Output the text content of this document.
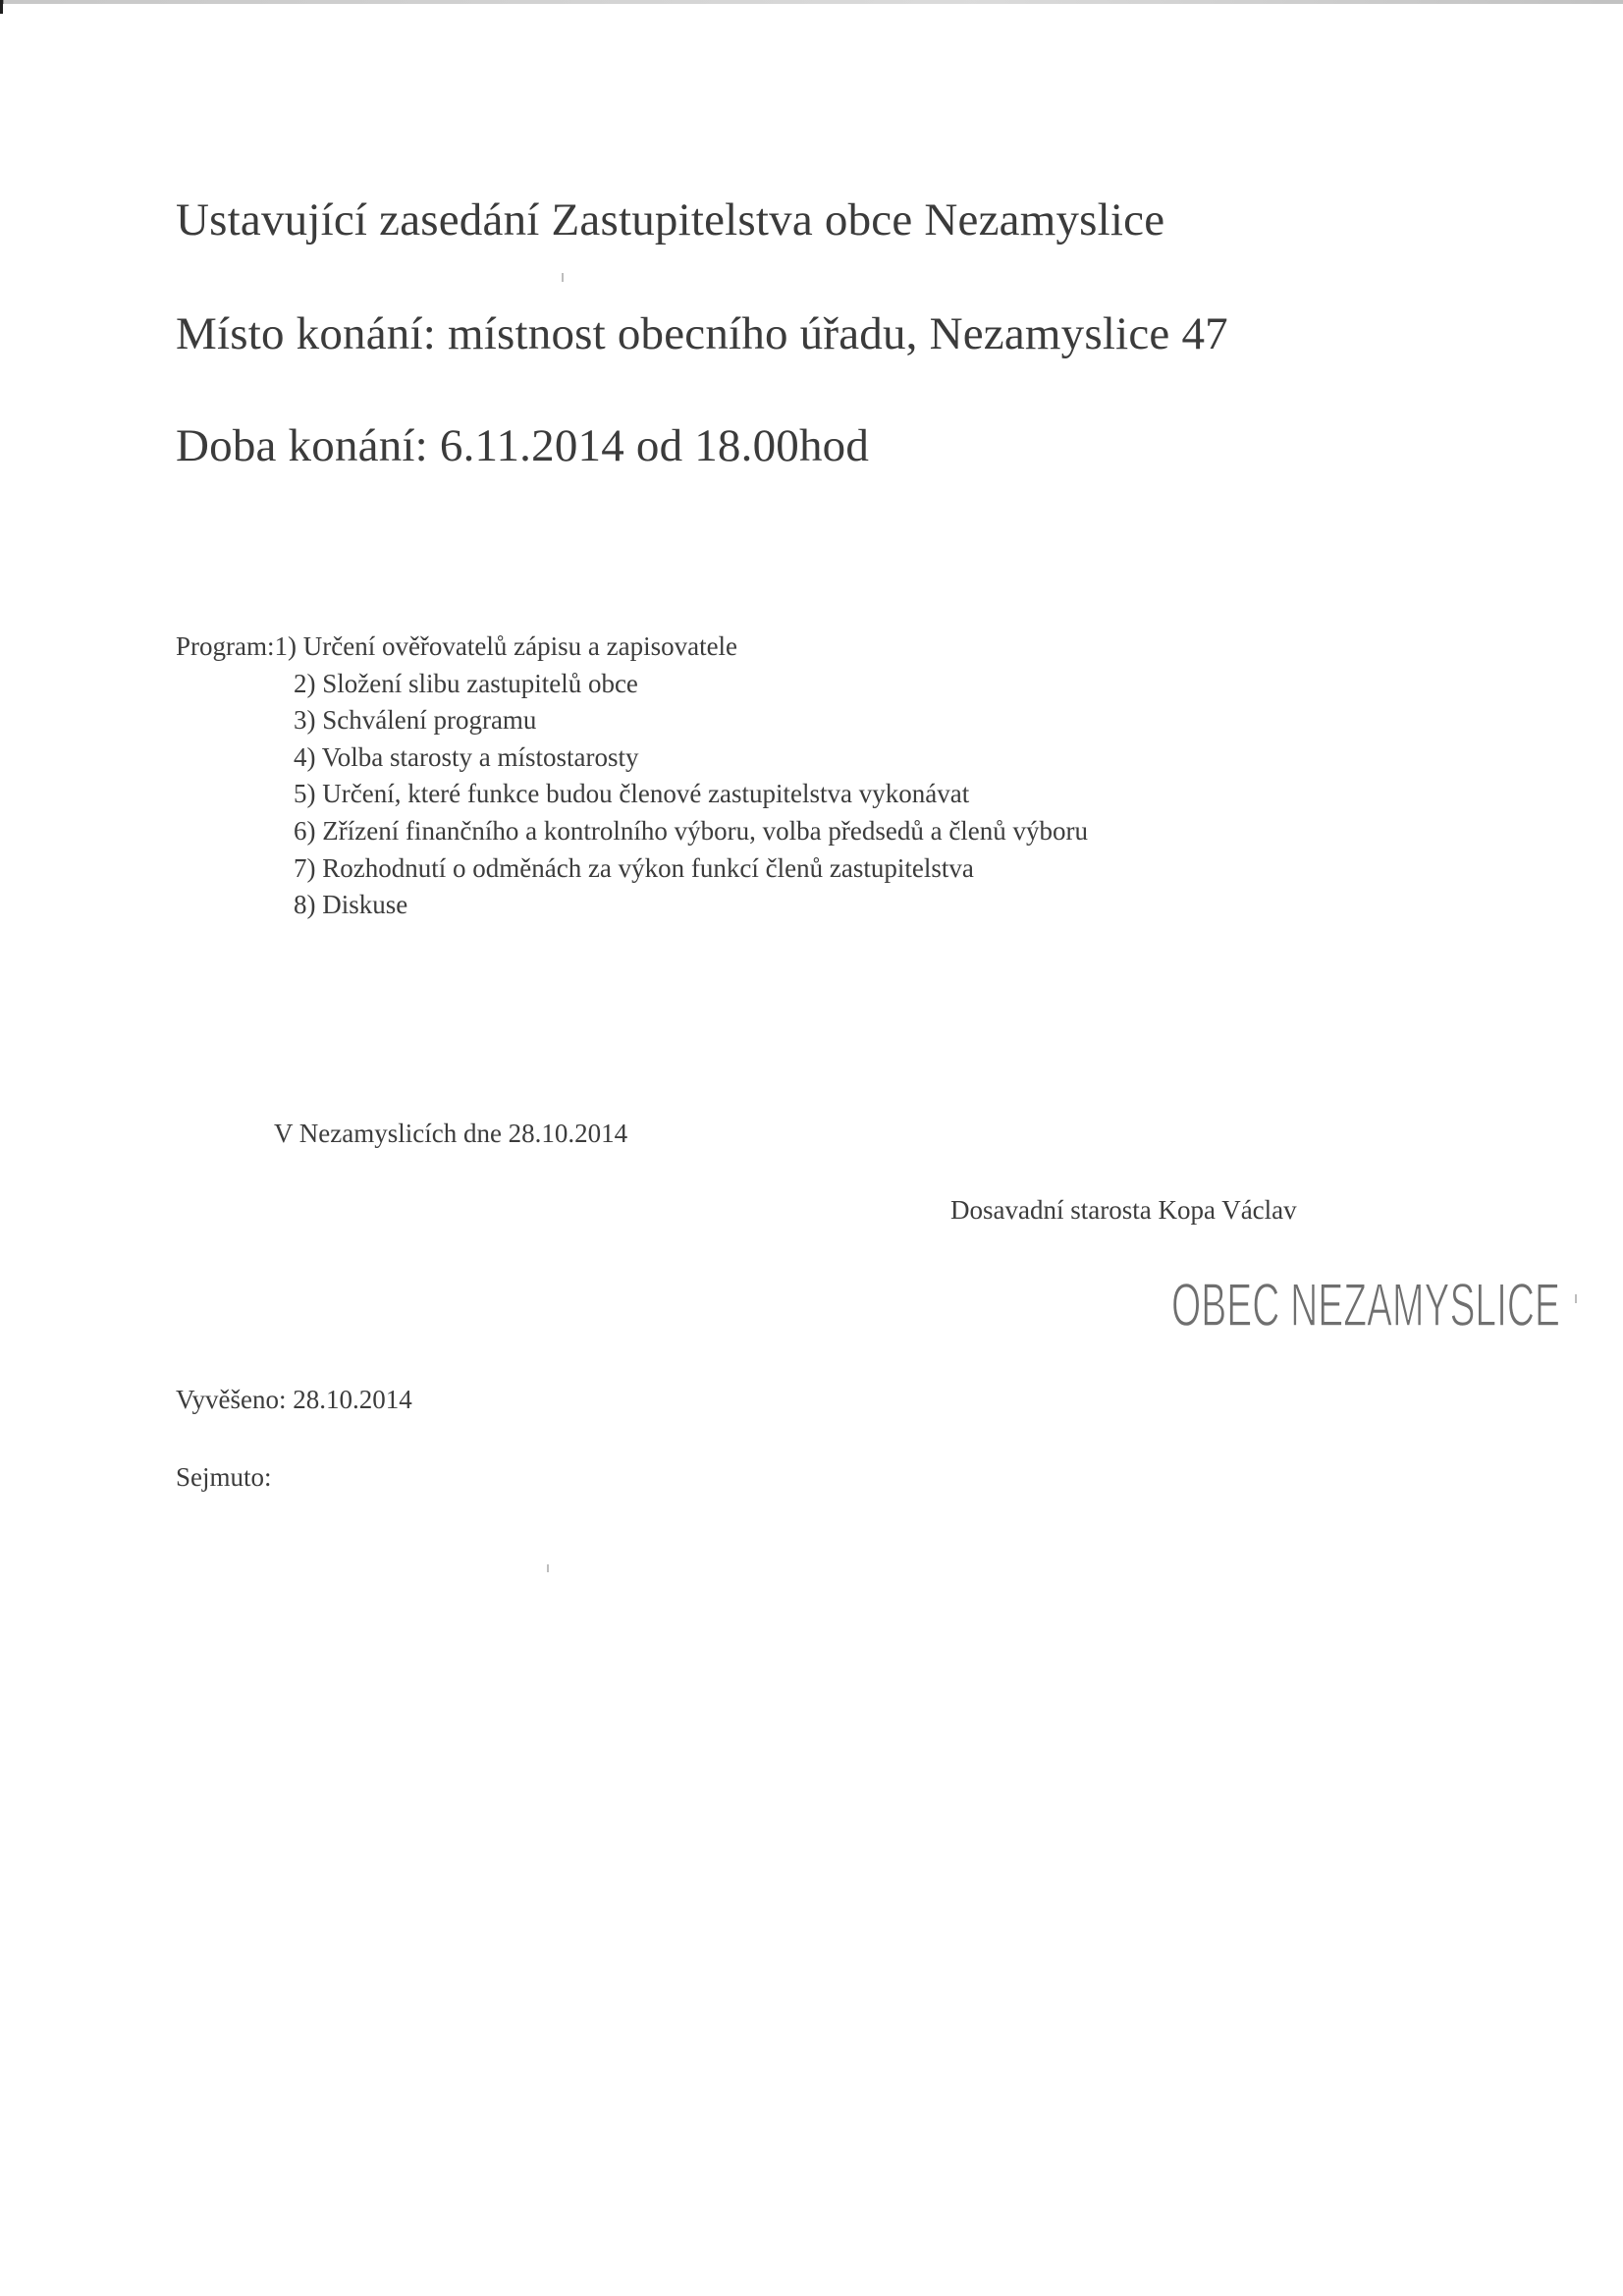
Ustavující zasedání Zastupitelstva obce Nezamyslice
Místo konání: místnost obecního úřadu, Nezamyslice 47
Doba konání: 6.11.2014 od 18.00hod
Program:1) Určení ověřovatelů zápisu a zapisovatele
2) Složení slibu zastupitelů obce
3) Schválení programu
4) Volba starosty a místostarosty
5) Určení, které funkce budou členové zastupitelstva vykonávat
6) Zřízení finančního a kontrolního výboru, volba předsedů a členů výboru
7) Rozhodnutí o odměnách za výkon funkcí členů zastupitelstva
8) Diskuse
V Nezamyslicích dne 28.10.2014
Dosavadní starosta Kopa Václav
OBEC NEZAMYSLICE
Vyvěšeno: 28.10.2014
Sejmuto:
